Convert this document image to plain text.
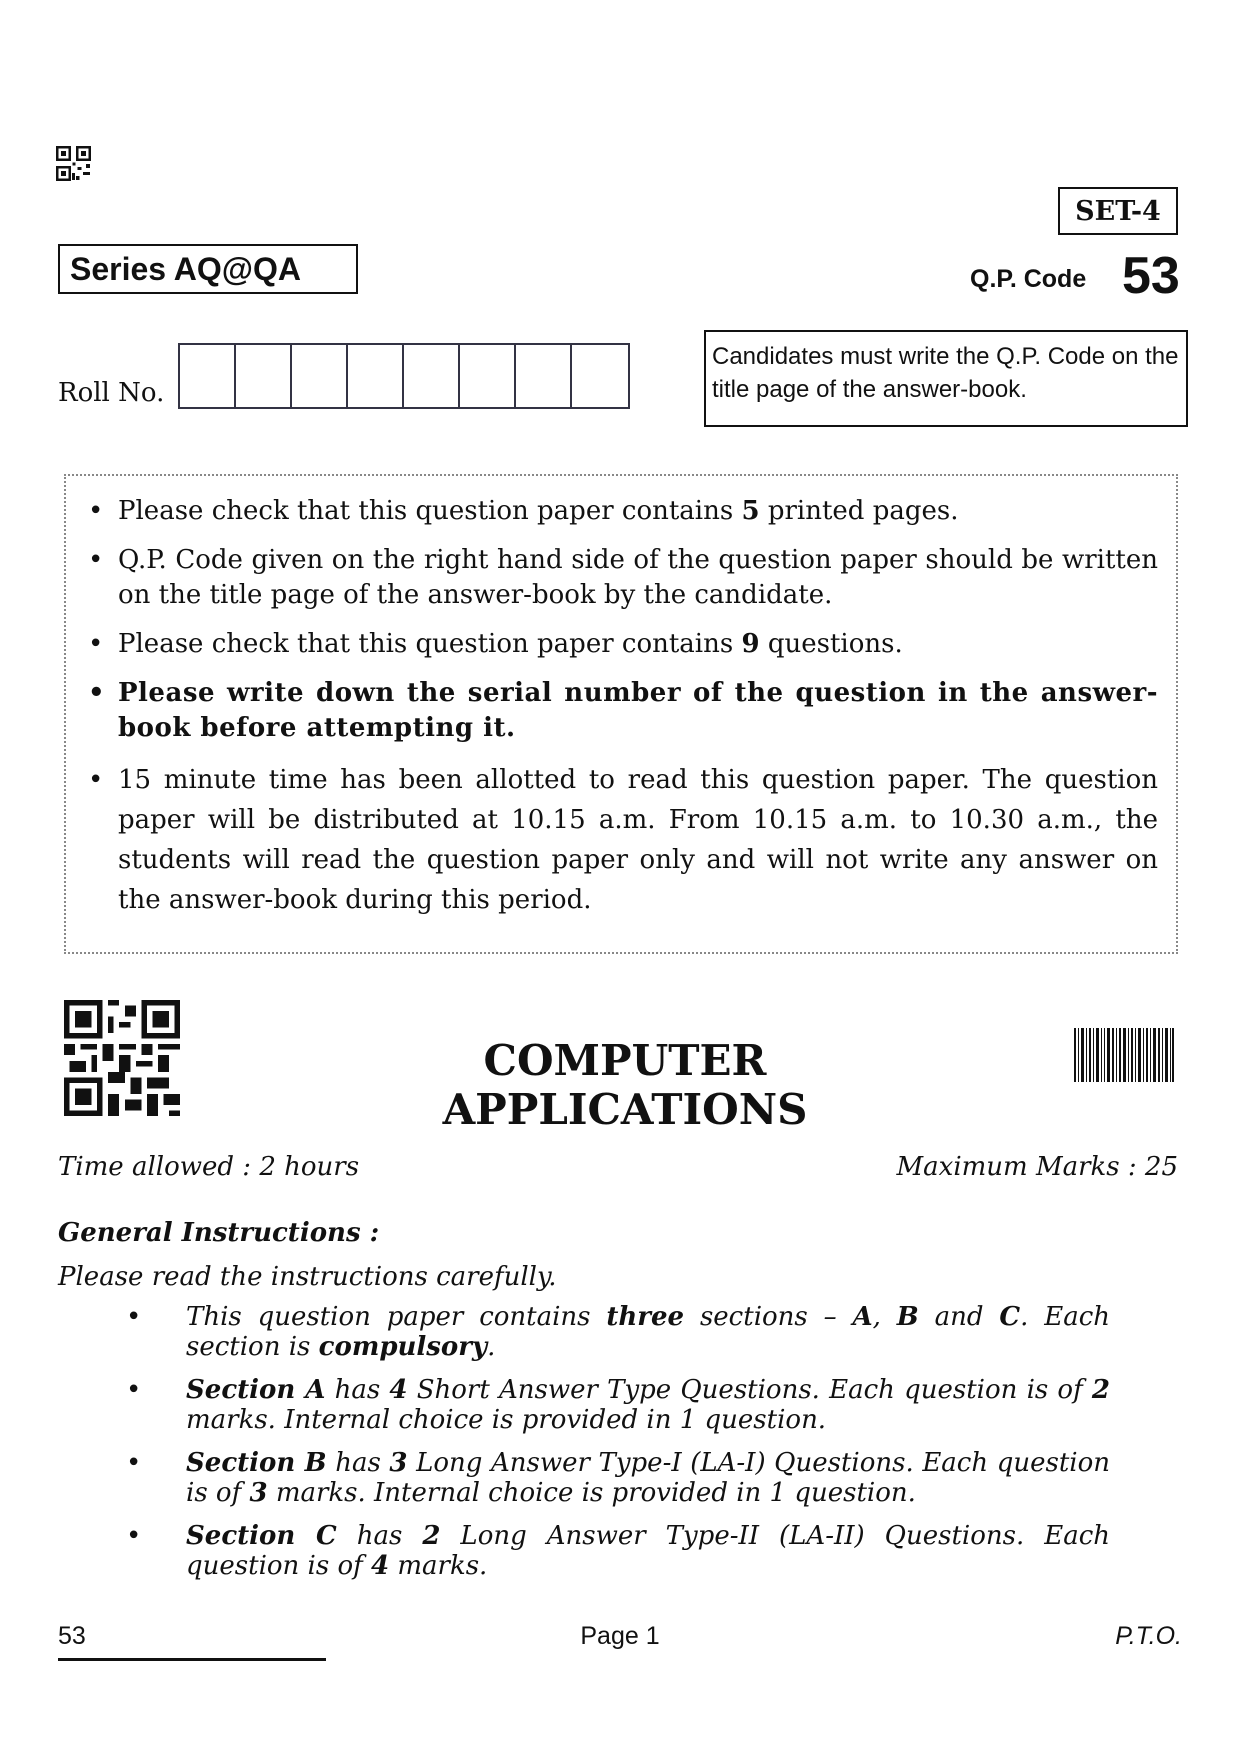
SET-4
Series AQ@QA	Q.P. Code 53
Roll No.
Candidates must write the Q.P. Code on the title page of the answer-book.
• Please check that this question paper contains 5 printed pages.
• Q.P. Code given on the right hand side of the question paper should be written on the title page of the answer-book by the candidate.
• Please check that this question paper contains 9 questions.
• Please write down the serial number of the question in the answer-book before attempting it.
• 15 minute time has been allotted to read this question paper. The question paper will be distributed at 10.15 a.m. From 10.15 a.m. to 10.30 a.m., the students will read the question paper only and will not write any answer on the answer-book during this period.
COMPUTER APPLICATIONS
Time allowed : 2 hours	Maximum Marks : 25
General Instructions :
Please read the instructions carefully.
• This question paper contains three sections – A, B and C. Each section is compulsory.
• Section A has 4 Short Answer Type Questions. Each question is of 2 marks. Internal choice is provided in 1 question.
• Section B has 3 Long Answer Type-I (LA-I) Questions. Each question is of 3 marks. Internal choice is provided in 1 question.
• Section C has 2 Long Answer Type-II (LA-II) Questions. Each question is of 4 marks.
53	Page 1	P.T.O.
